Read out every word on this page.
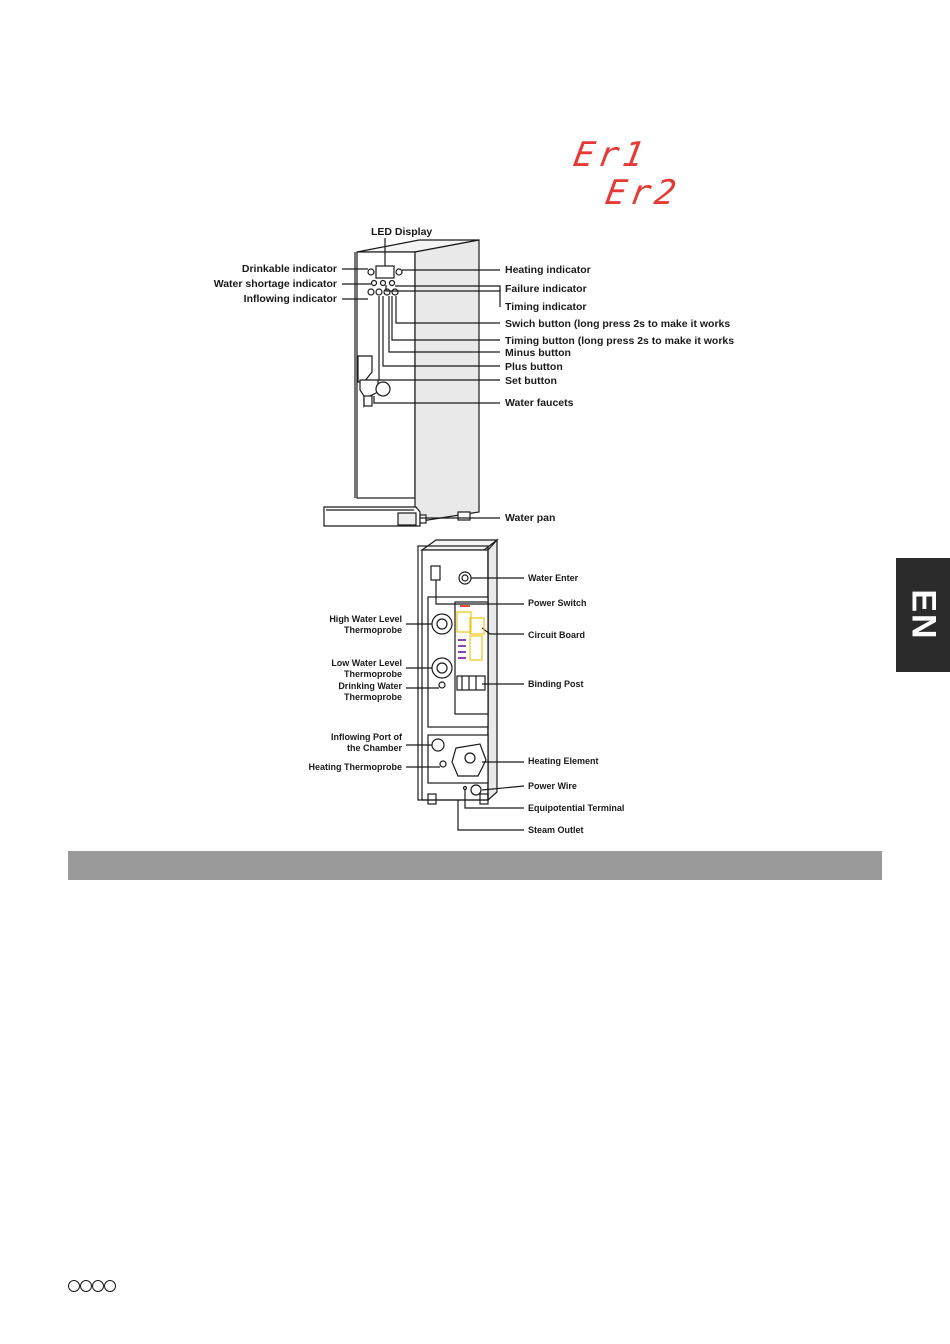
Er1
Er2
LED Display
Drinkable indicator
Water shortage indicator
Inflowing indicator
Heating indicator
Failure indicator
Timing indicator
Swich button (long press 2s to make it works
Timing button (long press 2s to make it works
Minus button
Plus button
Set button
Water faucets
Water pan
Water Enter
Power Switch
Circuit Board
Binding Post
Heating Element
Power Wire
Equipotential Terminal
Steam Outlet
High Water Level
Thermoprobe
Low Water Level
Thermoprobe
Drinking Water
Thermoprobe
Inflowing Port of
the Chamber
Heating Thermoprobe
EN
